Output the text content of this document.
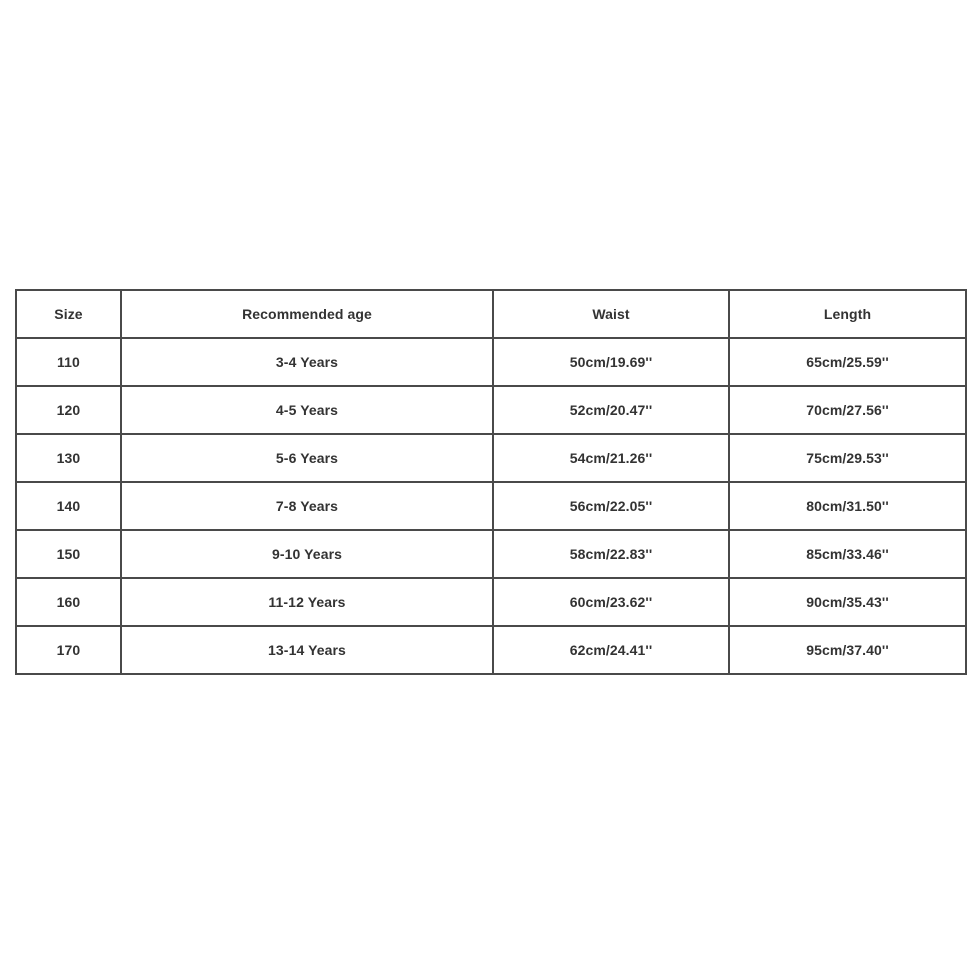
Size	Recommended age	Waist	Length
110	3-4 Years	50cm/19.69''	65cm/25.59''
120	4-5 Years	52cm/20.47''	70cm/27.56''
130	5-6 Years	54cm/21.26''	75cm/29.53''
140	7-8 Years	56cm/22.05''	80cm/31.50''
150	9-10 Years	58cm/22.83''	85cm/33.46''
160	11-12 Years	60cm/23.62''	90cm/35.43''
170	13-14 Years	62cm/24.41''	95cm/37.40''
